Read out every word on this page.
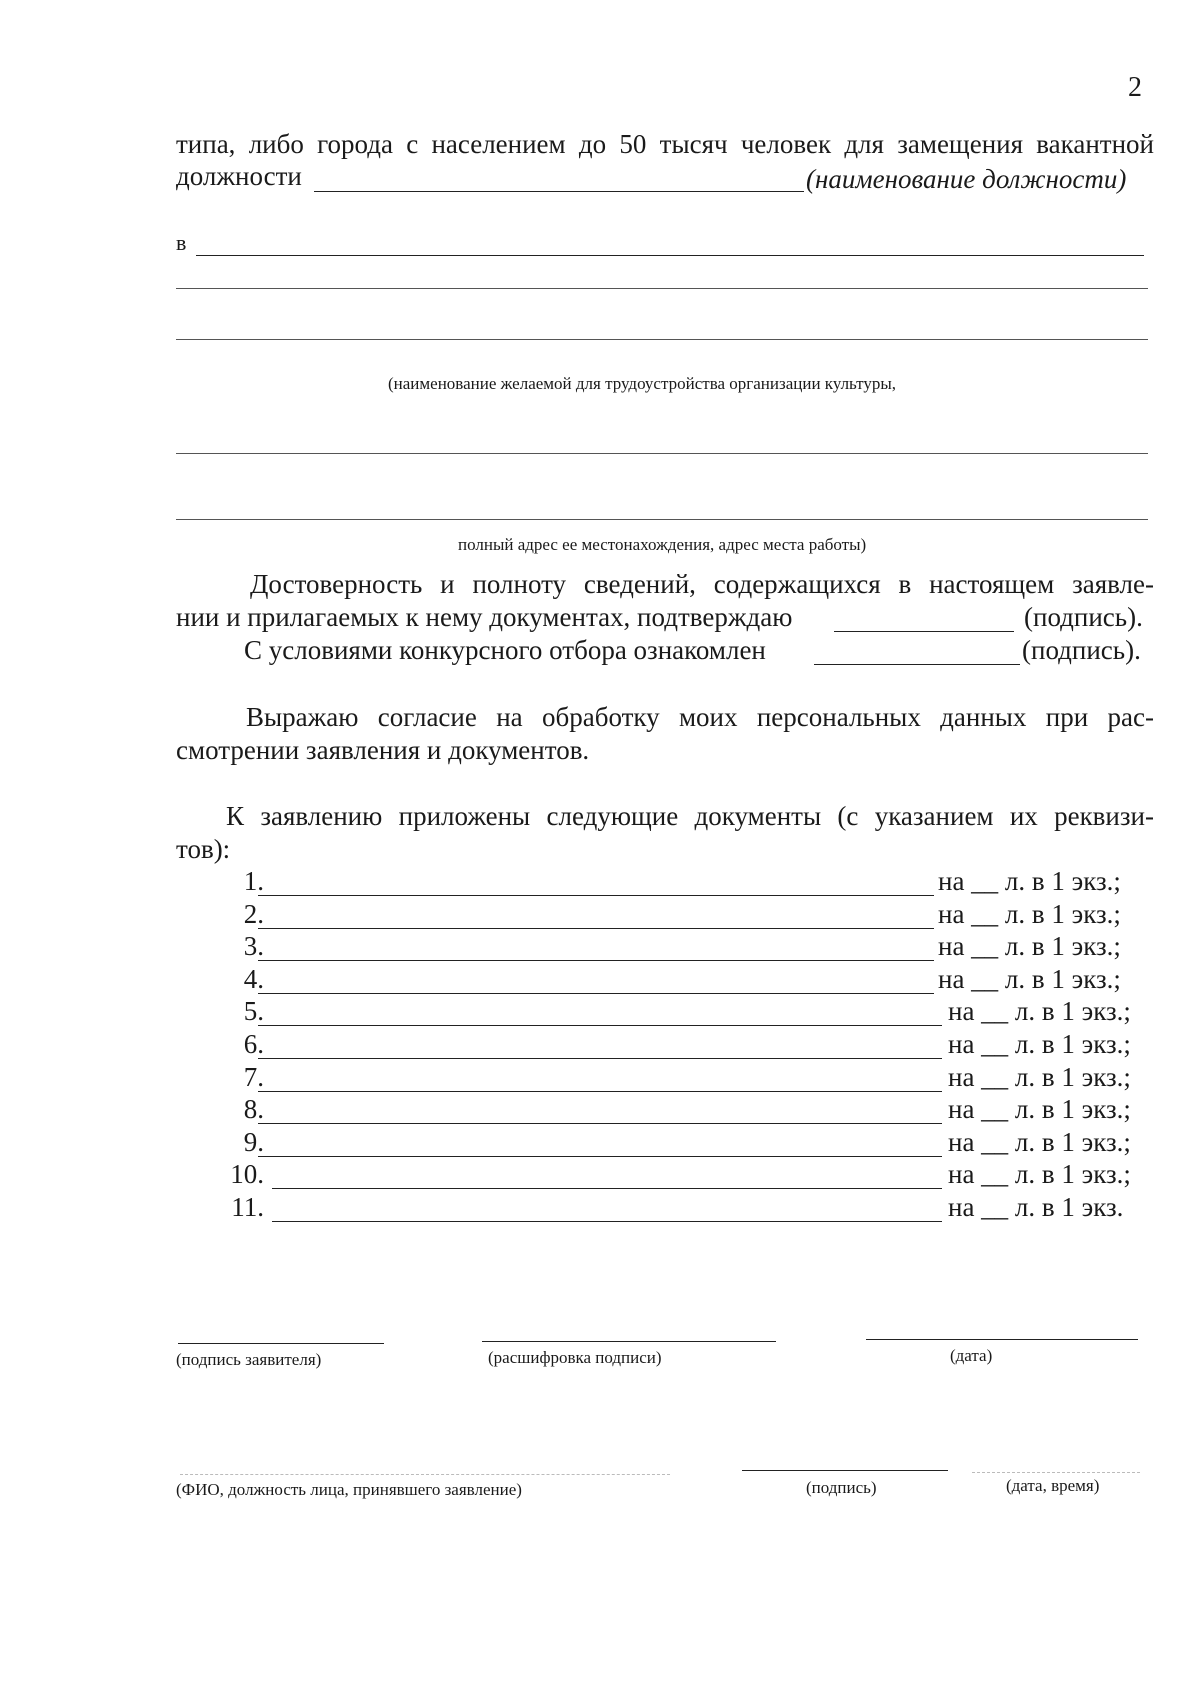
2
типа, либо города с населением до 50 тысяч человек для замещения вакантной
должности	(наименование должности)
в
(наименование желаемой для трудоустройства организации культуры,
полный адрес ее местонахождения, адрес места работы)
Достоверность и полноту сведений, содержащихся в настоящем заявле-
нии и прилагаемых к нему документах, подтверждаю	(подпись).
С условиями конкурсного отбора ознакомлен	(подпись).
Выражаю согласие на обработку моих персональных данных при рас-
смотрении заявления и документов.
К заявлению приложены следующие документы (с указанием их реквизи-
тов):
1.	на __ л. в 1 экз.;
2.	на __ л. в 1 экз.;
3.	на __ л. в 1 экз.;
4.	на __ л. в 1 экз.;
5.	на __ л. в 1 экз.;
6.	на __ л. в 1 экз.;
7.	на __ л. в 1 экз.;
8.	на __ л. в 1 экз.;
9.	на __ л. в 1 экз.;
10.	на __ л. в 1 экз.;
11.	на __ л. в 1 экз.
(подпись заявителя)	(расшифровка подписи)	(дата)
(ФИО, должность лица, принявшего заявление)	(подпись)	(дата, время)
